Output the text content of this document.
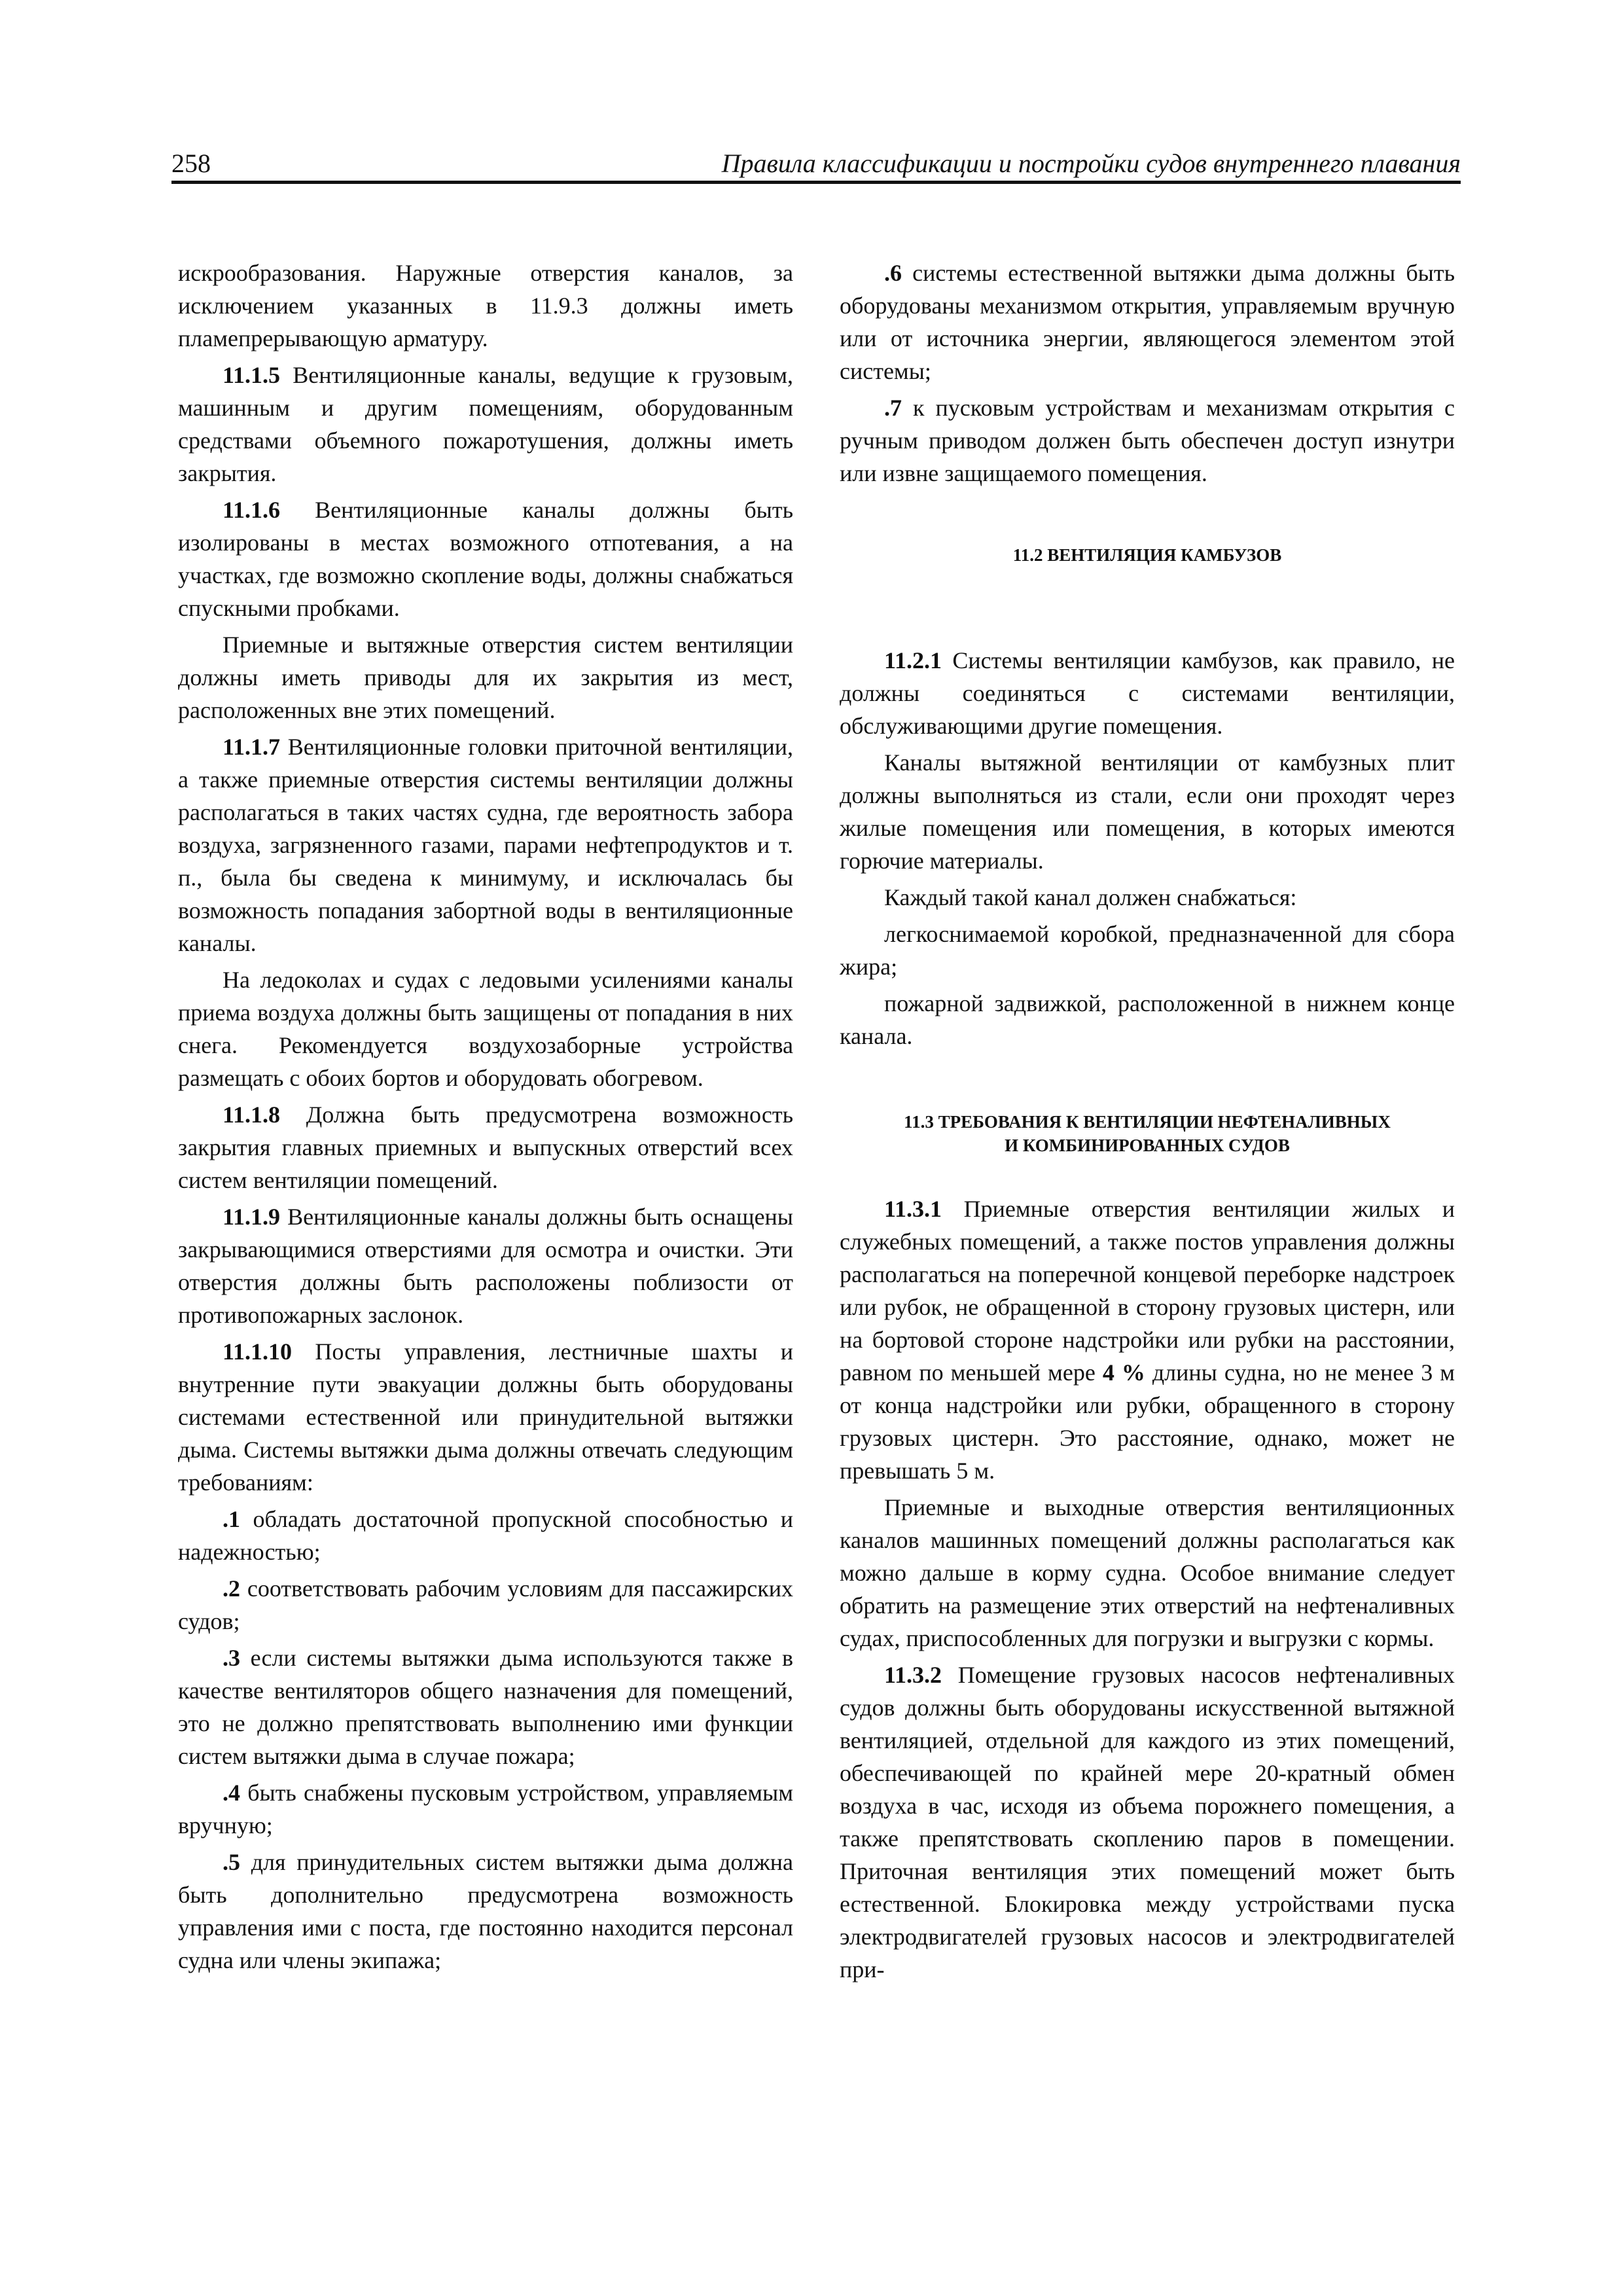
258	Правила классификации и постройки судов внутреннего плавания

искрообразования. Наружные отверстия каналов, за исключением указанных в 11.9.3 должны иметь пламепрерывающую арматуру.

11.1.5 Вентиляционные каналы, ведущие к грузовым, машинным и другим помещениям, оборудованным средствами объемного пожаротушения, должны иметь закрытия.

11.1.6 Вентиляционные каналы должны быть изолированы в местах возможного отпотевания, а на участках, где возможно скопление воды, должны снабжаться спускными пробками.

Приемные и вытяжные отверстия систем вентиляции должны иметь приводы для их закрытия из мест, расположенных вне этих помещений.

11.1.7 Вентиляционные головки приточной вентиляции, а также приемные отверстия системы вентиляции должны располагаться в таких частях судна, где вероятность забора воздуха, загрязненного газами, парами нефтепродуктов и т. п., была бы сведена к минимуму, и исключалась бы возможность попадания забортной воды в вентиляционные каналы.

На ледоколах и судах с ледовыми усилениями каналы приема воздуха должны быть защищены от попадания в них снега. Рекомендуется воздухозаборные устройства размещать с обоих бортов и оборудовать обогревом.

11.1.8 Должна быть предусмотрена возможность закрытия главных приемных и выпускных отверстий всех систем вентиляции помещений.

11.1.9 Вентиляционные каналы должны быть оснащены закрывающимися отверстиями для осмотра и очистки. Эти отверстия должны быть расположены поблизости от противопожарных заслонок.

11.1.10 Посты управления, лестничные шахты и внутренние пути эвакуации должны быть оборудованы системами естественной или принудительной вытяжки дыма. Системы вытяжки дыма должны отвечать следующим требованиям:

.1 обладать достаточной пропускной способностью и надежностью;

.2 соответствовать рабочим условиям для пассажирских судов;

.3 если системы вытяжки дыма используются также в качестве вентиляторов общего назначения для помещений, это не должно препятствовать выполнению ими функции систем вытяжки дыма в случае пожара;

.4 быть снабжены пусковым устройством, управляемым вручную;

.5 для принудительных систем вытяжки дыма должна быть дополнительно предусмотрена возможность управления ими с поста, где постоянно находится персонал судна или члены экипажа;

.6 системы естественной вытяжки дыма должны быть оборудованы механизмом открытия, управляемым вручную или от источника энергии, являющегося элементом этой системы;

.7 к пусковым устройствам и механизмам открытия с ручным приводом должен быть обеспечен доступ изнутри или извне защищаемого помещения.

11.2 ВЕНТИЛЯЦИЯ КАМБУЗОВ

11.2.1 Системы вентиляции камбузов, как правило, не должны соединяться с системами вентиляции, обслуживающими другие помещения.

Каналы вытяжной вентиляции от камбузных плит должны выполняться из стали, если они проходят через жилые помещения или помещения, в которых имеются горючие материалы.

Каждый такой канал должен снабжаться:

легкоснимаемой коробкой, предназначенной для сбора жира;

пожарной задвижкой, расположенной в нижнем конце канала.

11.3 ТРЕБОВАНИЯ К ВЕНТИЛЯЦИИ НЕФТЕНАЛИВНЫХ
И КОМБИНИРОВАННЫХ СУДОВ

11.3.1 Приемные отверстия вентиляции жилых и служебных помещений, а также постов управления должны располагаться на поперечной концевой переборке надстроек или рубок, не обращенной в сторону грузовых цистерн, или на бортовой стороне надстройки или рубки на расстоянии, равном по меньшей мере 4 % длины судна, но не менее 3 м от конца надстройки или рубки, обращенного в сторону грузовых цистерн. Это расстояние, однако, может не превышать 5 м.

Приемные и выходные отверстия вентиляционных каналов машинных помещений должны располагаться как можно дальше в корму судна. Особое внимание следует обратить на размещение этих отверстий на нефтеналивных судах, приспособленных для погрузки и выгрузки с кормы.

11.3.2 Помещение грузовых насосов нефтеналивных судов должны быть оборудованы искусственной вытяжной вентиляцией, отдельной для каждого из этих помещений, обеспечивающей по крайней мере 20-кратный обмен воздуха в час, исходя из объема порожнего помещения, а также препятствовать скоплению паров в помещении. Приточная вентиляция этих помещений может быть естественной. Блокировка между устройствами пуска электродвигателей грузовых насосов и электродвигателей при-
